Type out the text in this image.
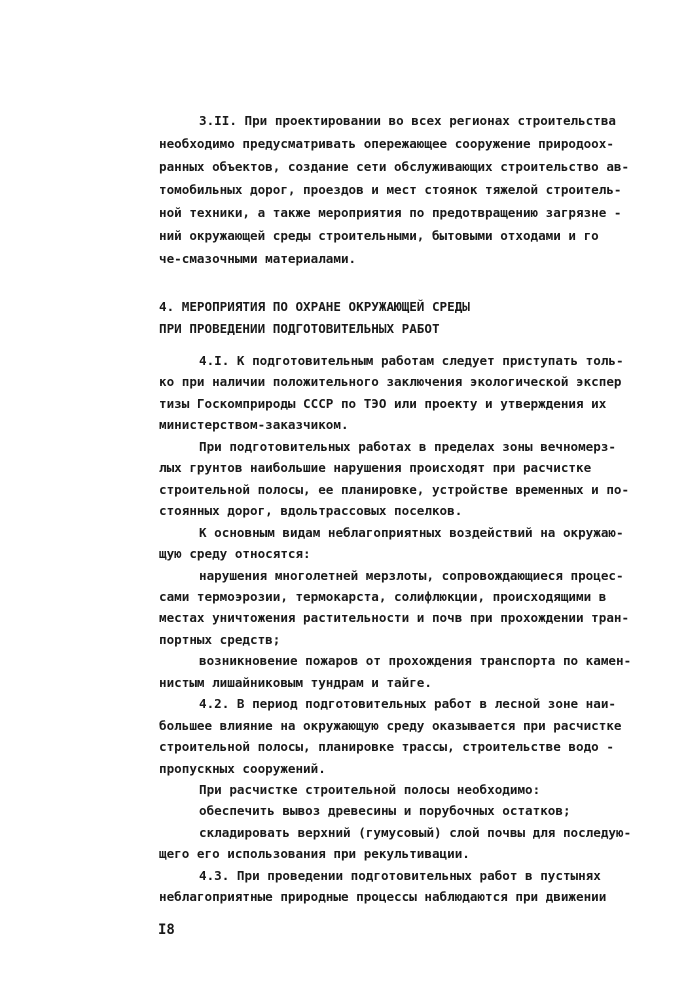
3.II. При проектировании во всех регионах строительства
необходимо предусматривать опережающее сооружение природоох-
ранных объектов, создание сети обслуживающих строительство ав-
томобильных дорог, проездов и мест стоянок тяжелой строитель-
ной техники, а также мероприятия по предотвращению загрязне -
ний окружающей среды строительными, бытовыми отходами и го
че-смазочными материалами.
4. МЕРОПРИЯТИЯ ПО ОХРАНЕ ОКРУЖАЮЩЕЙ СРЕДЫ
ПРИ ПРОВЕДЕНИИ ПОДГОТОВИТЕЛЬНЫХ РАБОТ
4.I. К подготовительным работам следует приступать толь-
ко при наличии положительного заключения экологической экспер
тизы Госкомприроды СССР по ТЭО или проекту и утверждения их
министерством-заказчиком.
При подготовительных работах в пределах зоны вечномерз-
лых грунтов наибольшие нарушения происходят при расчистке
строительной полосы, ее планировке, устройстве временных и по-
стоянных дорог, вдольтрассовых поселков.
К основным видам неблагоприятных воздействий на окружаю-
щую среду относятся:
нарушения многолетней мерзлоты, сопровождающиеся процес-
сами термоэрозии, термокарста, солифлюкции, происходящими в
местах уничтожения растительности и почв при прохождении тран-
портных средств;
возникновение пожаров от прохождения транспорта по камен-
нистым лишайниковым тундрам и тайге.
4.2. В период подготовительных работ в лесной зоне наи-
большее влияние на окружающую среду оказывается при расчистке
строительной полосы, планировке трассы, строительстве водо -
пропускных сооружений.
При расчистке строительной полосы необходимо:
обеспечить вывоз древесины и порубочных остатков;
складировать верхний (гумусовый) слой почвы для последую-
щего его использования при рекультивации.
4.3. При проведении подготовительных работ в пустынях
неблагоприятные природные процессы наблюдаются при движении
I8
